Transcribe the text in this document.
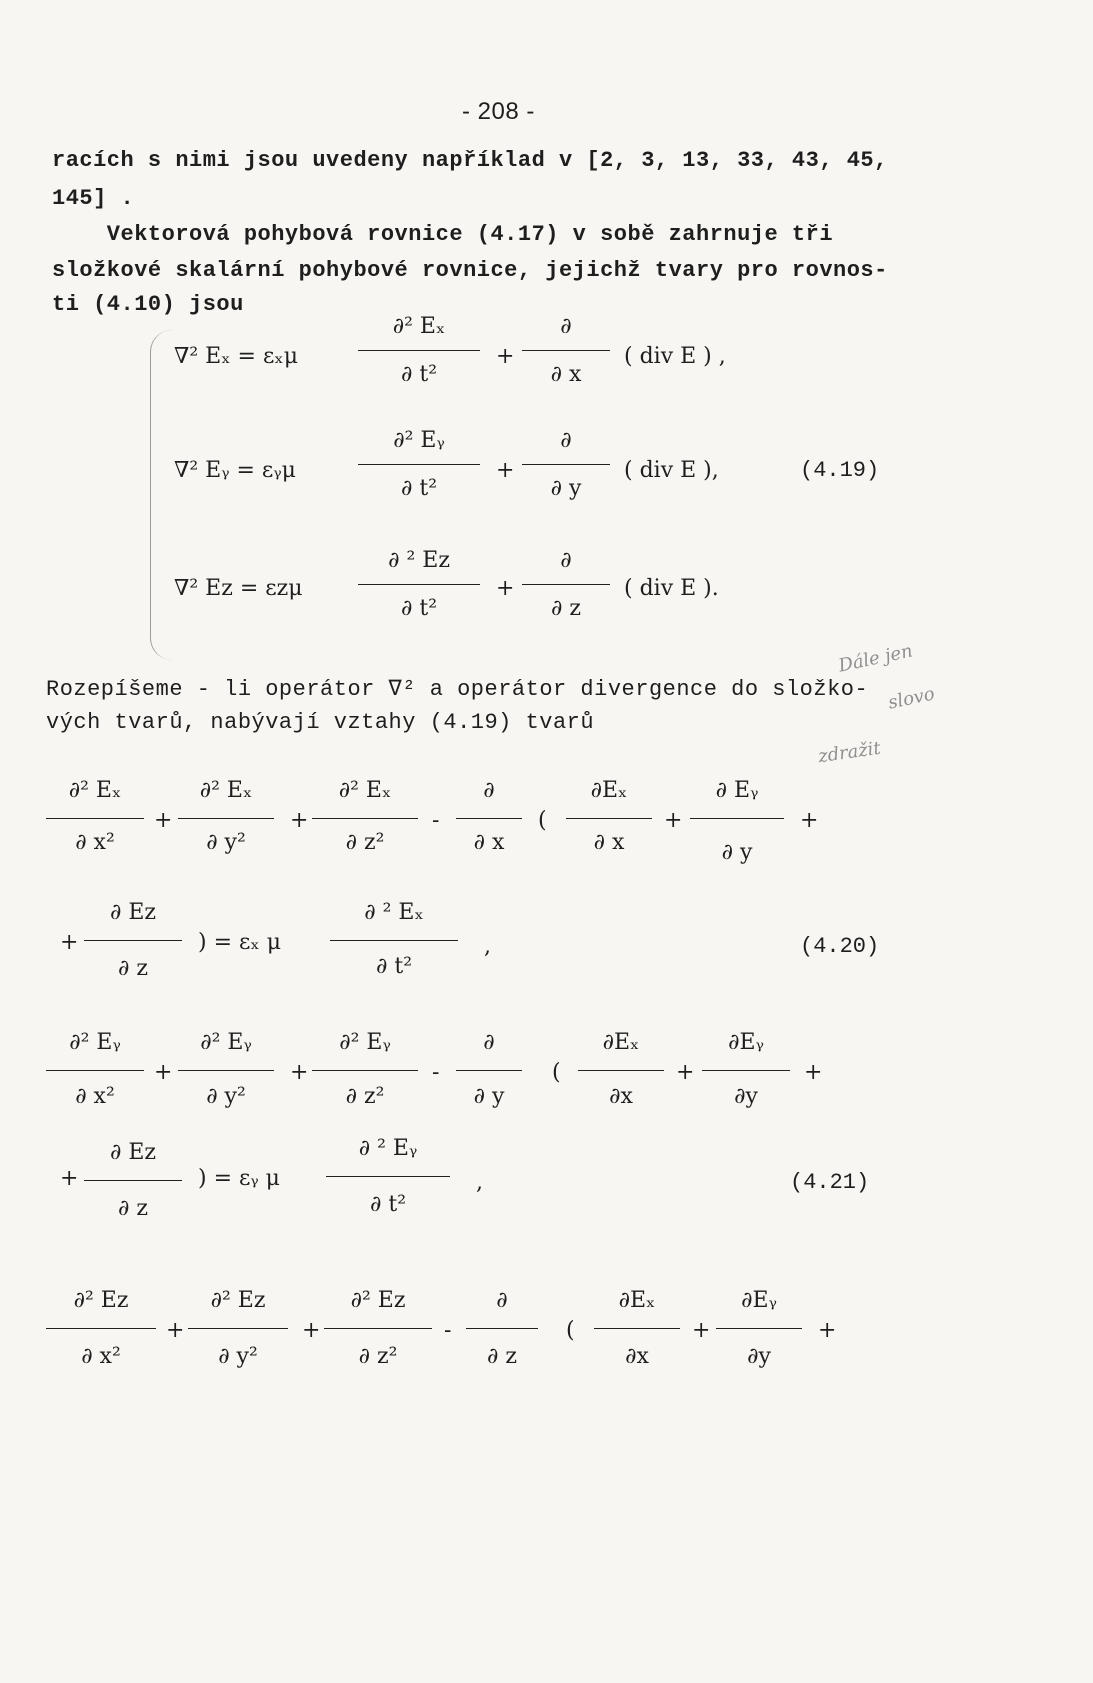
- 208 -
racích s nimi jsou uvedeny například v [2, 3, 13, 33, 43, 45,
145] .
Vektorová pohybová rovnice (4.17) v sobě zahrnuje tři
složkové skalární pohybové rovnice, jejichž tvary pro rovnos-
ti (4.10) jsou
∇² Eₓ = εₓμ
∂² Eₓ
∂ t²
+
∂
∂ x
( div E ) ,
∇² Eᵧ = εᵧμ
∂² Eᵧ
∂ t²
+
∂
∂ y
( div E ),	(4.19)
∇² Ez = εzμ
∂ ² Ez
∂ t²
+
∂
∂ z
( div E ).
Rozepíšeme - li operátor ∇² a operátor divergence do složko-
vých tvarů, nabývají vztahy (4.19) tvarů
Dále jen
slovo
zdražit
∂² Eₓ
∂ x²
+
∂² Eₓ
∂ y²
+
∂² Eₓ
∂ z²
-
∂
∂ x
(
∂Eₓ
∂ x
+
∂ Eᵧ
∂ y
+
+
∂ Ez
∂ z
) = εₓ μ
∂ ² Eₓ
∂ t²
,	(4.20)
∂² Eᵧ
∂ x²
+
∂² Eᵧ
∂ y²
+
∂² Eᵧ
∂ z²
-
∂
∂ y
(
∂Eₓ
∂x
+
∂Eᵧ
∂y
+
+
∂ Ez
∂ z
) = εᵧ μ
∂ ² Eᵧ
∂ t²
,	(4.21)
∂² Ez
∂ x²
+
∂² Ez
∂ y²
+
∂² Ez
∂ z²
-
∂
∂ z
(
∂Eₓ
∂x
+
∂Eᵧ
∂y
+
